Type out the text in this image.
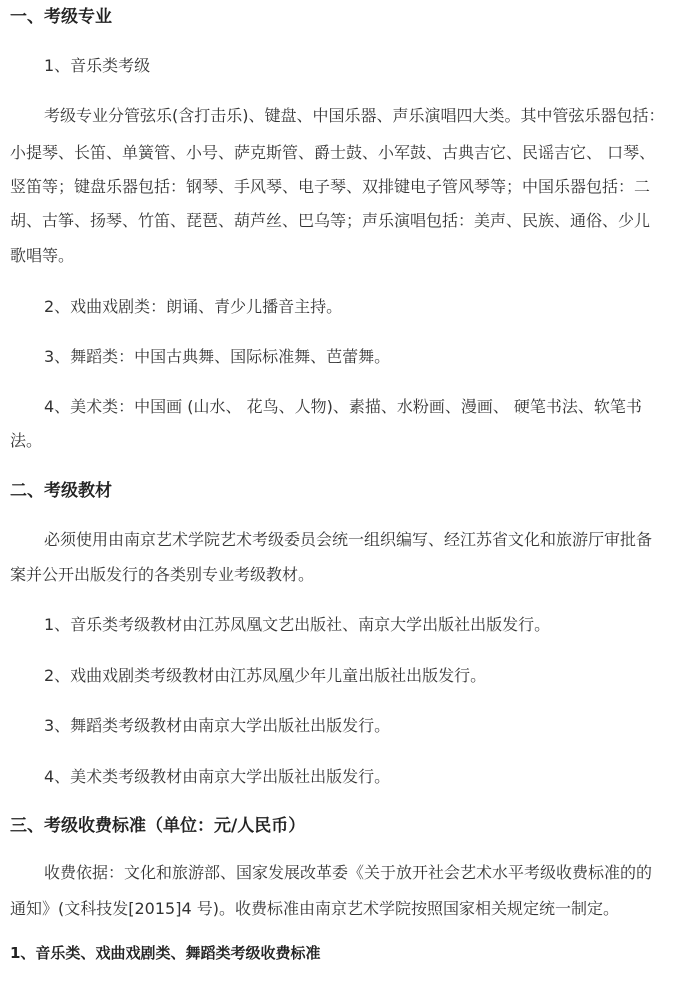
一、考级专业
1、音乐类考级
考级专业分管弦乐(含打击乐)、键盘、中国乐器、声乐演唱四大类。其中管弦乐器包括：
小提琴、长笛、单簧管、小号、萨克斯管、爵士鼓、小军鼓、古典吉它、民谣吉它、 口琴、
竖笛等；键盘乐器包括：钢琴、手风琴、电子琴、双排键电子管风琴等；中国乐器包括：二
胡、古筝、扬琴、竹笛、琵琶、葫芦丝、巴乌等；声乐演唱包括：美声、民族、通俗、少儿
歌唱等。
2、戏曲戏剧类：朗诵、青少儿播音主持。
3、舞蹈类：中国古典舞、国际标准舞、芭蕾舞。
4、美术类：中国画 (山水、 花鸟、人物)、素描、水粉画、漫画、 硬笔书法、软笔书
法。
二、考级教材
必须使用由南京艺术学院艺术考级委员会统一组织编写、经江苏省文化和旅游厅审批备
案并公开出版发行的各类别专业考级教材。
1、音乐类考级教材由江苏凤凰文艺出版社、南京大学出版社出版发行。
2、戏曲戏剧类考级教材由江苏凤凰少年儿童出版社出版发行。
3、舞蹈类考级教材由南京大学出版社出版发行。
4、美术类考级教材由南京大学出版社出版发行。
三、考级收费标准（单位：元/人民币）
收费依据：文化和旅游部、国家发展改革委《关于放开社会艺术水平考级收费标准的的
通知》(文科技发[2015]4 号)。收费标准由南京艺术学院按照国家相关规定统一制定。
1、音乐类、戏曲戏剧类、舞蹈类考级收费标准
